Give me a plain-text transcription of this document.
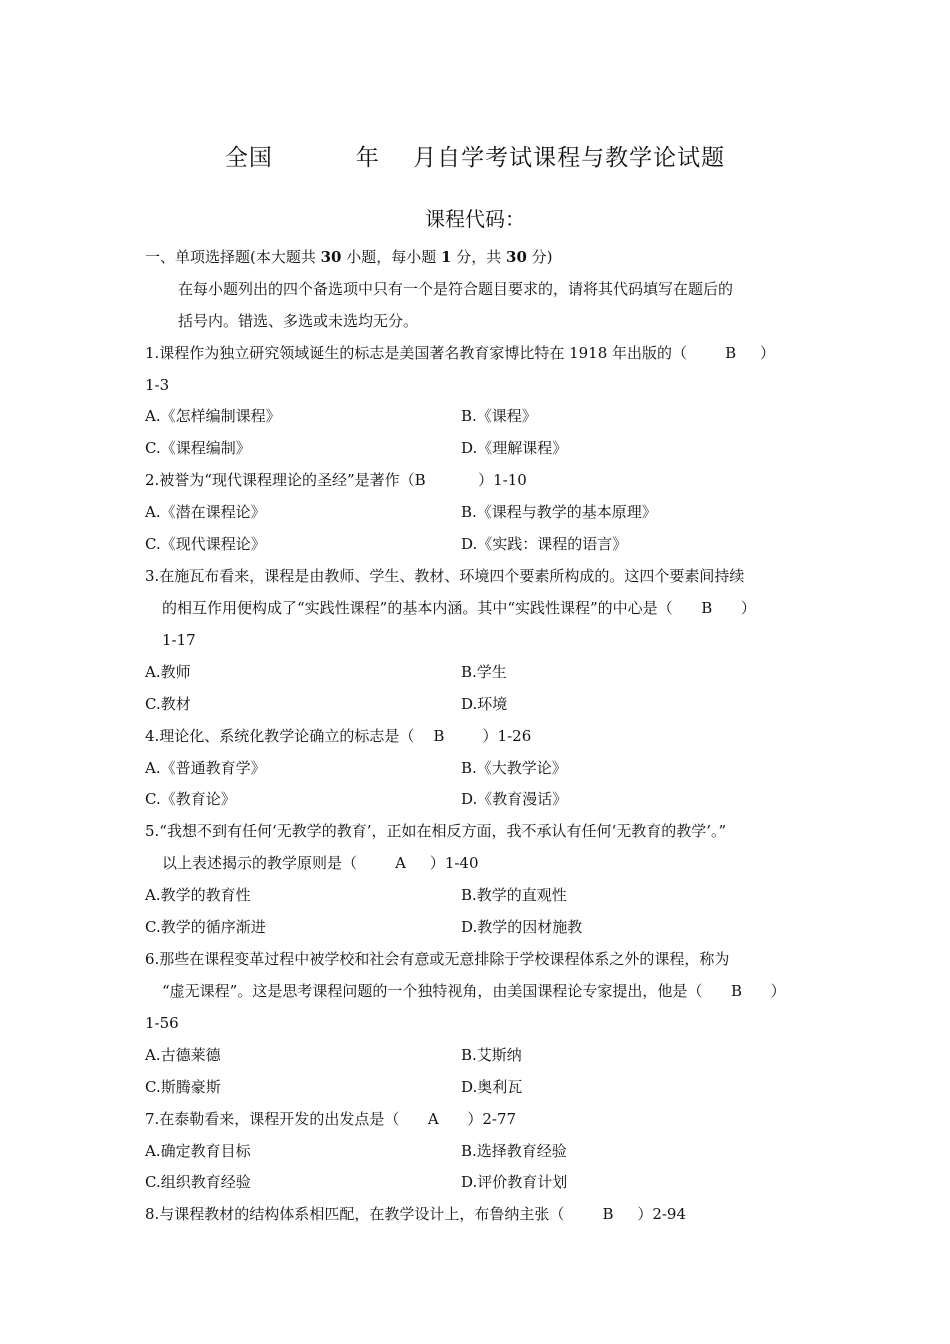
全国          年    月自学考试课程与教学论试题
课程代码：
一、单项选择题(本大题共 30 小题，每小题 1 分，共 30 分)
在每小题列出的四个备选项中只有一个是符合题目要求的，请将其代码填写在题后的
括号内。错选、多选或未选均无分。
1.课程作为独立研究领域诞生的标志是美国著名教育家博比特在 1918 年出版的（        B     ）
1-3
A.《怎样编制课程》	B.《课程》
C.《课程编制》	D.《理解课程》
2.被誉为“现代课程理论的圣经”是著作（B           ）1-10
A.《潜在课程论》	B.《课程与教学的基本原理》
C.《现代课程论》	D.《实践：课程的语言》
3.在施瓦布看来，课程是由教师、学生、教材、环境四个要素所构成的。这四个要素间持续
的相互作用便构成了“实践性课程”的基本内涵。其中“实践性课程”的中心是（      B      ）
1-17
A.教师	B.学生
C.教材	D.环境
4.理论化、系统化教学论确立的标志是（    B        ）1-26
A.《普通教育学》	B.《大教学论》
C.《教育论》	D.《教育漫话》
5.“我想不到有任何‘无教学的教育’，正如在相反方面，我不承认有任何‘无教育的教学’。”
以上表述揭示的教学原则是（        A     ）1-40
A.教学的教育性	B.教学的直观性
C.教学的循序渐进	D.教学的因材施教
6.那些在课程变革过程中被学校和社会有意或无意排除于学校课程体系之外的课程，称为
“虚无课程”。这是思考课程问题的一个独特视角，由美国课程论专家提出，他是（      B      ）
1-56
A.古德莱德	B.艾斯纳
C.斯腾豪斯	D.奥利瓦
7.在泰勒看来，课程开发的出发点是（      A      ）2-77
A.确定教育目标	B.选择教育经验
C.组织教育经验	D.评价教育计划
8.与课程教材的结构体系相匹配，在教学设计上，布鲁纳主张（        B     ）2-94
